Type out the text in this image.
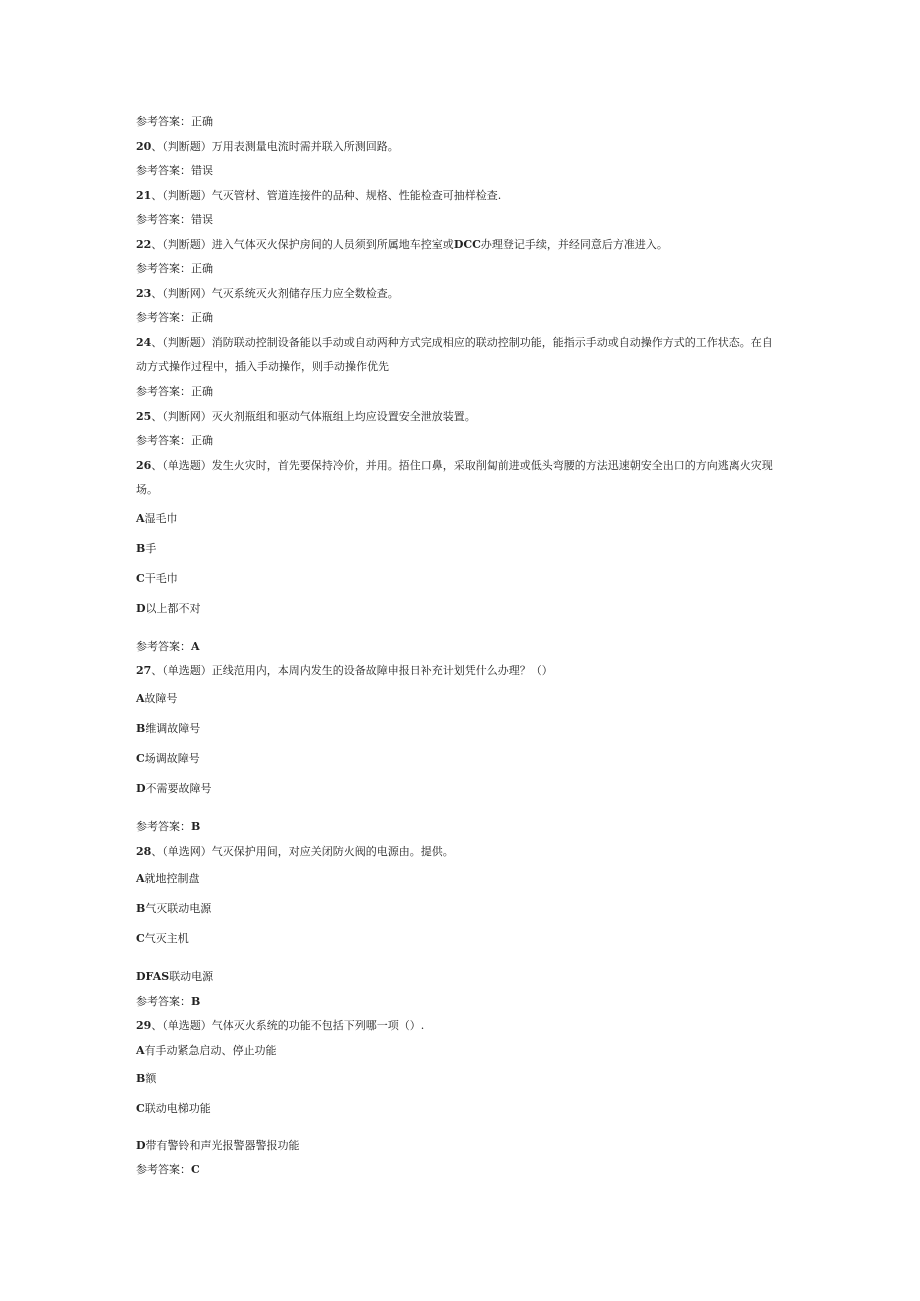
参考答案：正确
20、（判断题）万用表测量电流时需并联入所测回路。
参考答案：错误
21、（判断题）气灭管材、管道连接件的品种、规格、性能检查可抽样检查.
参考答案：错误
22、（判断题）进入气体灭火保护房间的人员须到所属地车控室或DCC办理登记手续，并经同意后方准进入。
参考答案：正确
23、（判断网）气灭系统灭火剂储存压力应全数检查。
参考答案：正确
24、（判断题）消防联动控制设备能以手动或自动两种方式完成相应的联动控制功能，能指示手动或自动操作方式的工作状态。在自动方式操作过程中，插入手动操作，则手动操作优先
参考答案：正确
25、（判断网）灭火剂瓶组和驱动气体瓶组上均应设置安全泄放装置。
参考答案：正确
26、（单选题）发生火灾时，首先要保持冷价，并用。捂住口鼻，采取削匐前进或低头弯腰的方法迅速朝安全出口的方向逃离火灾现场。
A湿毛巾
B手
C干毛巾
D以上都不对
参考答案：A
27、（单选题）正线范用内，本周内发生的设备故障申报日补充计划凭什么办理？（）
A故障号
B维调故障号
C场调故障号
D不需要故障号
参考答案：B
28、（单选网）气灭保护用间，对应关闭防火阀的电源由。提供。
A就地控制盘
B气灭联动电源
C气灭主机
DFAS联动电源
参考答案：B
29、（单选题）气体灭火系统的功能不包括下列哪一项（）.
A有手动紧急启动、停止功能
B额
C联动电梯功能
D带有警铃和声光报警器警报功能
参考答案：C
